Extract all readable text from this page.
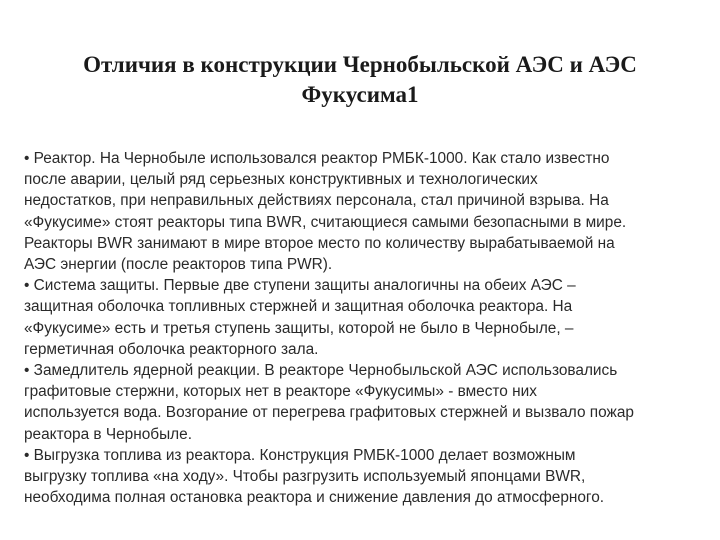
Отличия в конструкции Чернобыльской АЭС и АЭС
Фукусима1
• Реактор. На Чернобыле использовался реактор РМБК-1000. Как стало известно
после аварии, целый ряд серьезных конструктивных и технологических
недостатков, при неправильных действиях персонала, стал причиной взрыва. На
«Фукусиме» стоят реакторы типа BWR, считающиеся самыми безопасными в мире.
Реакторы BWR занимают в мире второе место по количеству вырабатываемой на
АЭС энергии (после реакторов типа PWR).
• Система защиты. Первые две ступени защиты аналогичны на обеих АЭС –
защитная оболочка топливных стержней и защитная оболочка реактора. На
«Фукусиме» есть и третья ступень защиты, которой не было в Чернобыле, –
герметичная оболочка реакторного зала.
• Замедлитель ядерной реакции. В реакторе Чернобыльской АЭС использовались
графитовые стержни, которых нет в реакторе «Фукусимы» - вместо них
используется вода. Возгорание от перегрева графитовых стержней и вызвало пожар
реактора в Чернобыле.
• Выгрузка топлива из реактора. Конструкция РМБК-1000 делает возможным
выгрузку топлива «на ходу». Чтобы разгрузить используемый японцами BWR,
необходима полная остановка реактора и снижение давления до атмосферного.
